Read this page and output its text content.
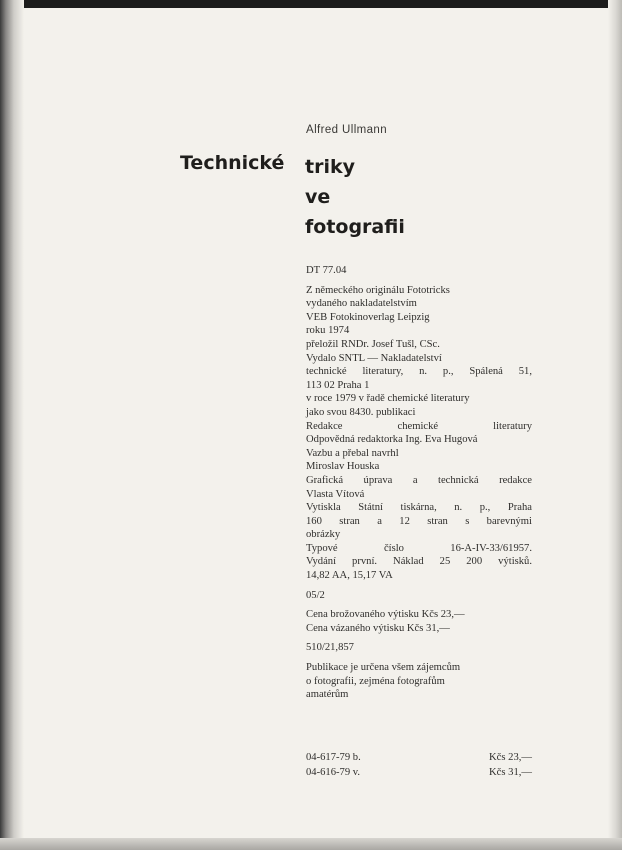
Alfred Ullmann
Technické triky
ve
fotografii
DT 77.04
Z německého originálu Fototricks
vydaného nakladatelstvím
VEB Fotokinoverlag Leipzig
roku 1974
přeložil RNDr. Josef Tušl, CSc.
Vydalo SNTL — Nakladatelství
technické literatury, n. p., Spálená 51,
113 02 Praha 1
v roce 1979 v řadě chemické literatury
jako svou 8430. publikaci
Redakce chemické literatury
Odpovědná redaktorka Ing. Eva Hugová
Vazbu a přebal navrhl
Miroslav Houska
Grafická úprava a technická redakce
Vlasta Vítová
Vytiskla Státní tiskárna, n. p., Praha
160 stran a 12 stran s barevnými
obrázky
Typové číslo 16-A-IV-33/61957.
Vydání první. Náklad 25 200 výtisků.
14,82 AA, 15,17 VA
05/2
Cena brožovaného výtisku Kčs 23,—
Cena vázaného výtisku Kčs 31,—
510/21,857
Publikace je určena všem zájemcům
o fotografii, zejména fotografům
amatérům
04-617-79 b.	Kčs 23,—
04-616-79 v.	Kčs 31,—
